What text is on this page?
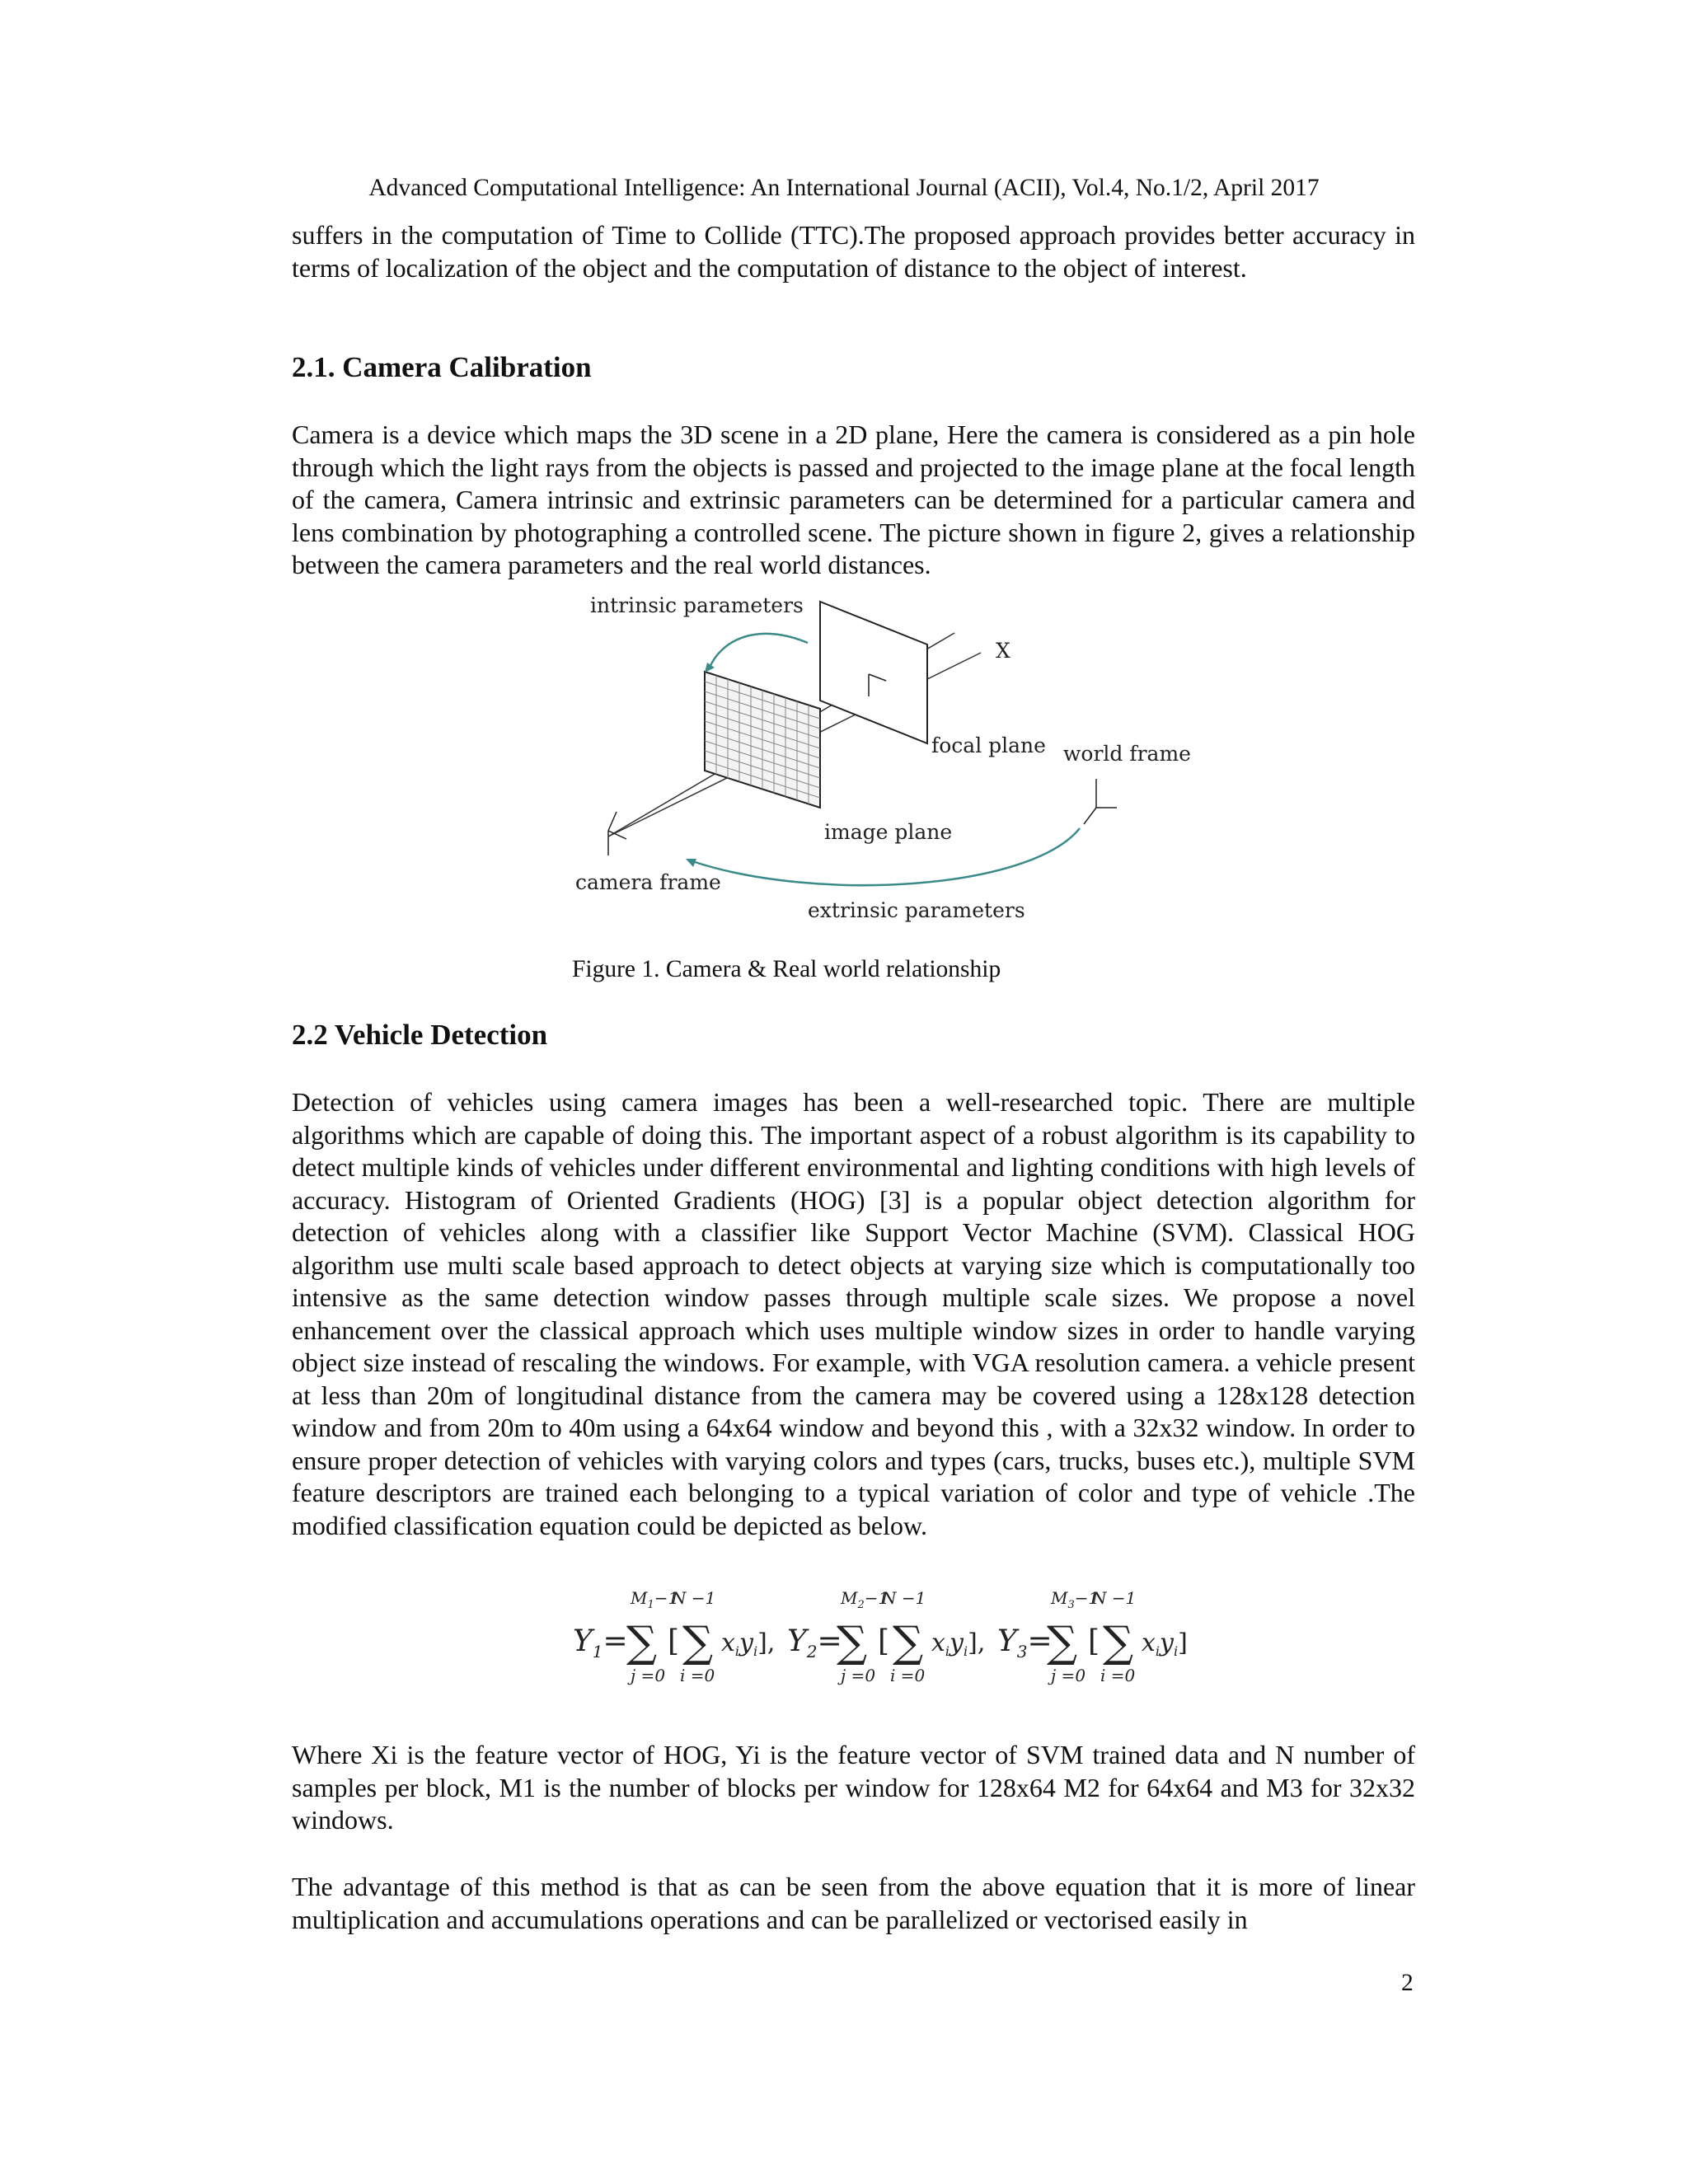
Advanced Computational Intelligence: An International Journal (ACII), Vol.4, No.1/2, April 2017

suffers in the computation of Time to Collide (TTC).The proposed approach provides better accuracy in terms of localization of the object and the computation of distance to the object of interest.

2.1. Camera Calibration

Camera is a device which maps the 3D scene in a 2D plane, Here the camera is considered as a pin hole through which the light rays from the objects is passed and projected to the image plane at the focal length of the camera, Camera intrinsic and extrinsic parameters can be determined for a particular camera and lens combination by photographing a controlled scene. The picture shown in figure 2, gives a relationship between the camera parameters and the real world distances.

intrinsic parameters
X
focal plane world frame
image plane
camera frame
extrinsic parameters
Figure 1. Camera & Real world relationship
2.2 Vehicle Detection

Detection of vehicles using camera images has been a well-researched topic. There are multiple algorithms which are capable of doing this. The important aspect of a robust algorithm is its capability to detect multiple kinds of vehicles under different environmental and lighting conditions with high levels of accuracy. Histogram of Oriented Gradients (HOG) [3] is a popular object detection algorithm for detection of vehicles along with a classifier like Support Vector Machine (SVM). Classical HOG algorithm use multi scale based approach to detect objects at varying size which is computationally too intensive as the same detection window passes through multiple scale sizes. We propose a novel enhancement over the classical approach which uses multiple window sizes in order to handle varying object size instead of rescaling the windows. For example, with VGA resolution camera. a vehicle present at less than 20m of longitudinal distance from the camera may be covered using a 128x128 detection window and from 20m to 40m using a 64x64 window and beyond this , with a 32x32 window. In order to ensure proper detection of vehicles with varying colors and types (cars, trucks, buses etc.), multiple SVM feature descriptors are trained each belonging to a typical variation of color and type of vehicle .The modified classification equation could be depicted as below.

$Y_1=$
$M_1-1$
N −1
∑ [ ∑ $x_iy_i$],
j =0 i =0
$Y_2=$
$M_2-1$
N −1
∑ [ ∑ $x_iy_i$],
j =0 i =0
$Y_3=$
$M_3-1$
N −1
∑ [ ∑ $x_iy_i$]
j =0 i =0

Where Xi is the feature vector of HOG, Yi is the feature vector of SVM trained data and N number of samples per block, M1 is the number of blocks per window for 128x64 M2 for 64x64 and M3 for 32x32 windows.

The advantage of this method is that as can be seen from the above equation that it is more of linear multiplication and accumulations operations and can be parallelized or vectorised easily in

2
